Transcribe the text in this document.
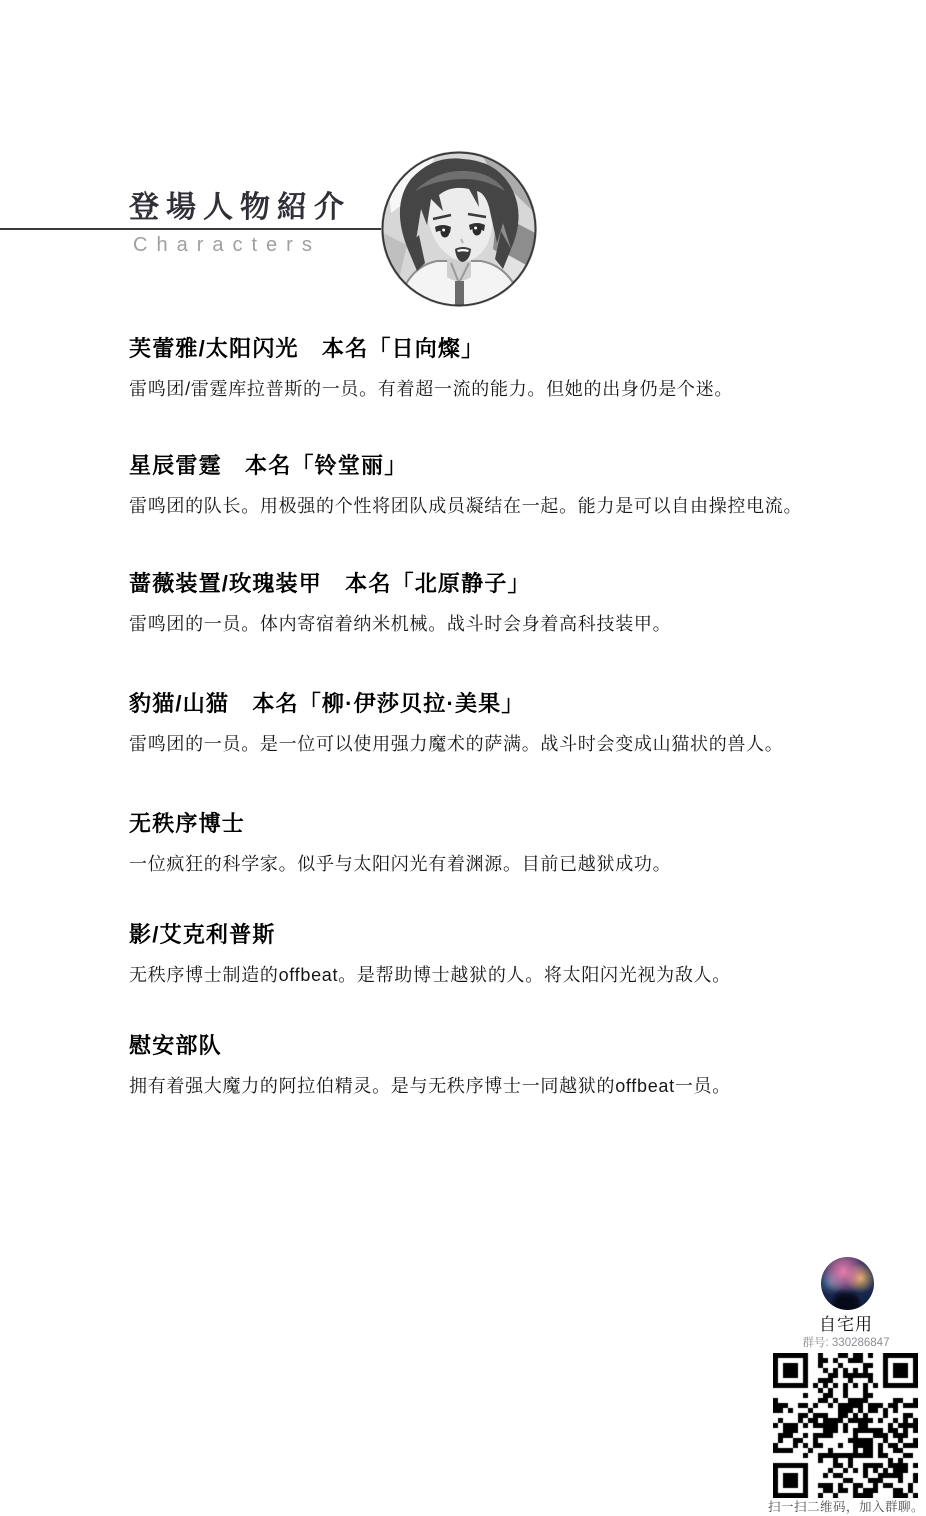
登場人物紹介
Characters
芙蕾雅/太阳闪光　本名「日向燦」

雷鸣团/雷霆库拉普斯的一员。有着超一流的能力。但她的出身仍是个迷。

星辰雷霆　本名「铃堂丽」

雷鸣团的队长。用极强的个性将团队成员凝结在一起。能力是可以自由操控电流。

蔷薇装置/玫瑰装甲　本名「北原静子」

雷鸣团的一员。体内寄宿着纳米机械。战斗时会身着高科技装甲。

豹猫/山猫　本名「柳·伊莎贝拉·美果」

雷鸣团的一员。是一位可以使用强力魔术的萨满。战斗时会变成山猫状的兽人。

无秩序博士

一位疯狂的科学家。似乎与太阳闪光有着渊源。目前已越狱成功。

影/艾克利普斯

无秩序博士制造的offbeat。是帮助博士越狱的人。将太阳闪光视为敌人。

慰安部队

拥有着强大魔力的阿拉伯精灵。是与无秩序博士一同越狱的offbeat一员。

自宅用
群号: 330286847
扫一扫二维码，加入群聊。
